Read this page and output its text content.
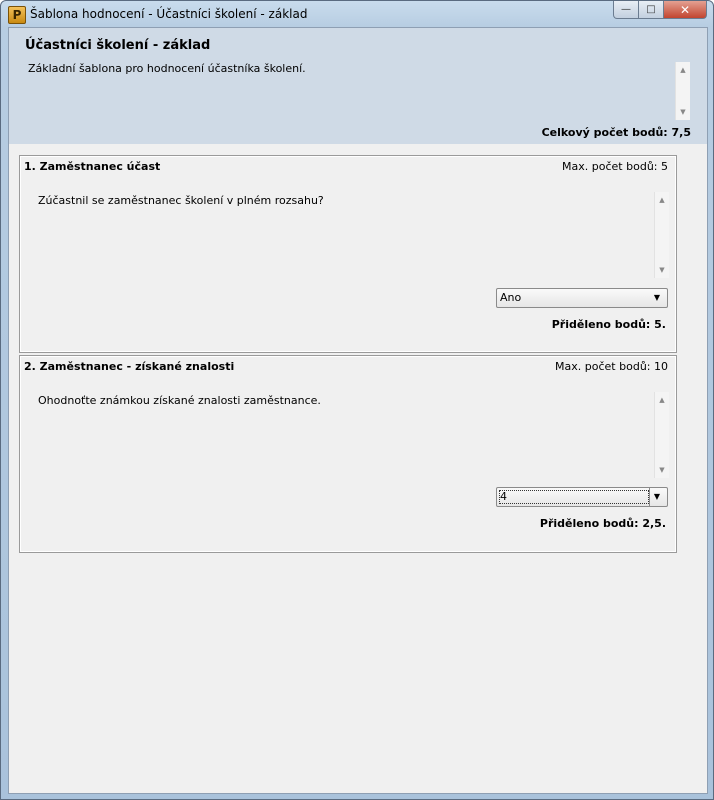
P Šablona hodnocení - Účastníci školení - základ	— □ ✕
Účastníci školení - základ
Základní šablona pro hodnocení účastníka školení.	▲
▼
Celkový počet bodů: 7,5
1. Zaměstnanec účast	Max. počet bodů: 5
Zúčastnil se zaměstnanec školení v plném rozsahu?	▲
▼
Ano	▼
Přiděleno bodů: 5.
2. Zaměstnanec - získané znalosti	Max. počet bodů: 10
Ohodnoťte známkou získané znalosti zaměstnance.	▲
▼
4	▼
Přiděleno bodů: 2,5.
